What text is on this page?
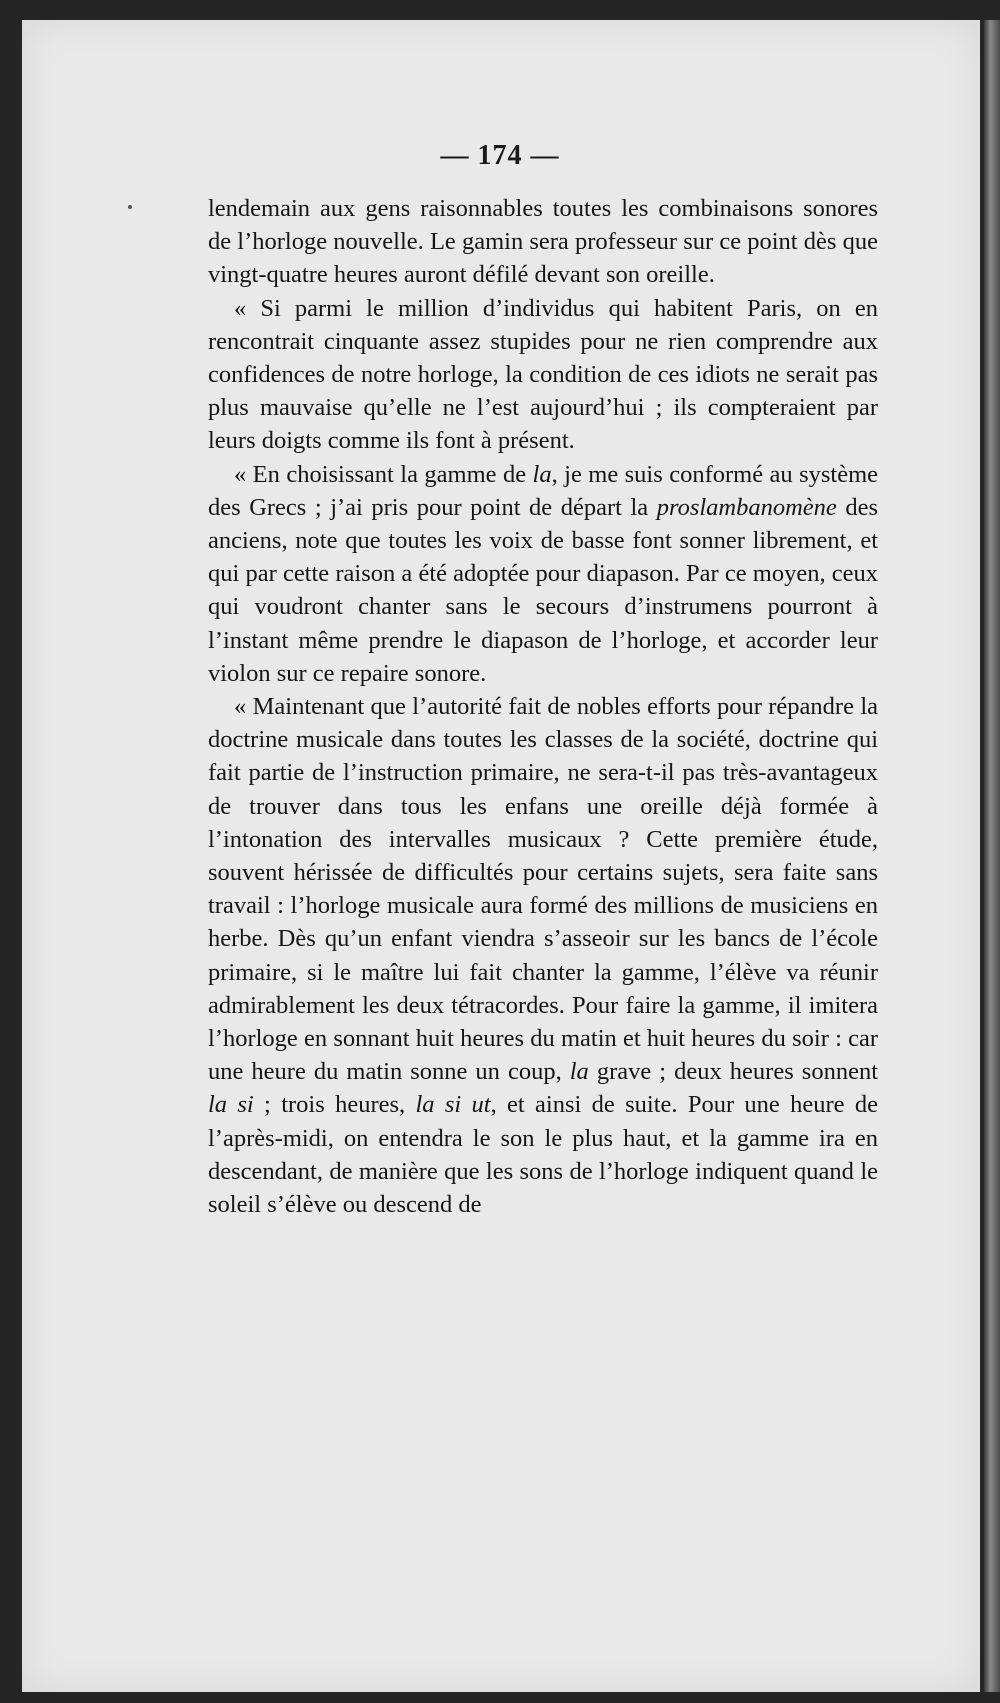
— 174 —

lendemain aux gens raisonnables toutes les combinaisons sonores de l’horloge nouvelle. Le gamin sera professeur sur ce point dès que vingt-quatre heures auront défilé devant son oreille.

« Si parmi le million d’individus qui habitent Paris, on en rencontrait cinquante assez stupides pour ne rien comprendre aux confidences de notre horloge, la condition de ces idiots ne serait pas plus mauvaise qu’elle ne l’est aujourd’hui ; ils compteraient par leurs doigts comme ils font à présent.

« En choisissant la gamme de la, je me suis conformé au système des Grecs ; j’ai pris pour point de départ la proslambanomène des anciens, note que toutes les voix de basse font sonner librement, et qui par cette raison a été adoptée pour diapason. Par ce moyen, ceux qui voudront chanter sans le secours d’instrumens pourront à l’instant même prendre le diapason de l’horloge, et accorder leur violon sur ce repaire sonore.

« Maintenant que l’autorité fait de nobles efforts pour répandre la doctrine musicale dans toutes les classes de la société, doctrine qui fait partie de l’instruction primaire, ne sera-t-il pas très-avantageux de trouver dans tous les enfans une oreille déjà formée à l’intonation des intervalles musicaux ? Cette première étude, souvent hérissée de difficultés pour certains sujets, sera faite sans travail : l’horloge musicale aura formé des millions de musiciens en herbe. Dès qu’un enfant viendra s’asseoir sur les bancs de l’école primaire, si le maître lui fait chanter la gamme, l’élève va réunir admirablement les deux tétracordes. Pour faire la gamme, il imitera l’horloge en sonnant huit heures du matin et huit heures du soir : car une heure du matin sonne un coup, la grave ; deux heures sonnent la si ; trois heures, la si ut, et ainsi de suite. Pour une heure de l’après-midi, on entendra le son le plus haut, et la gamme ira en descendant, de manière que les sons de l’horloge indiquent quand le soleil s’élève ou descend de
